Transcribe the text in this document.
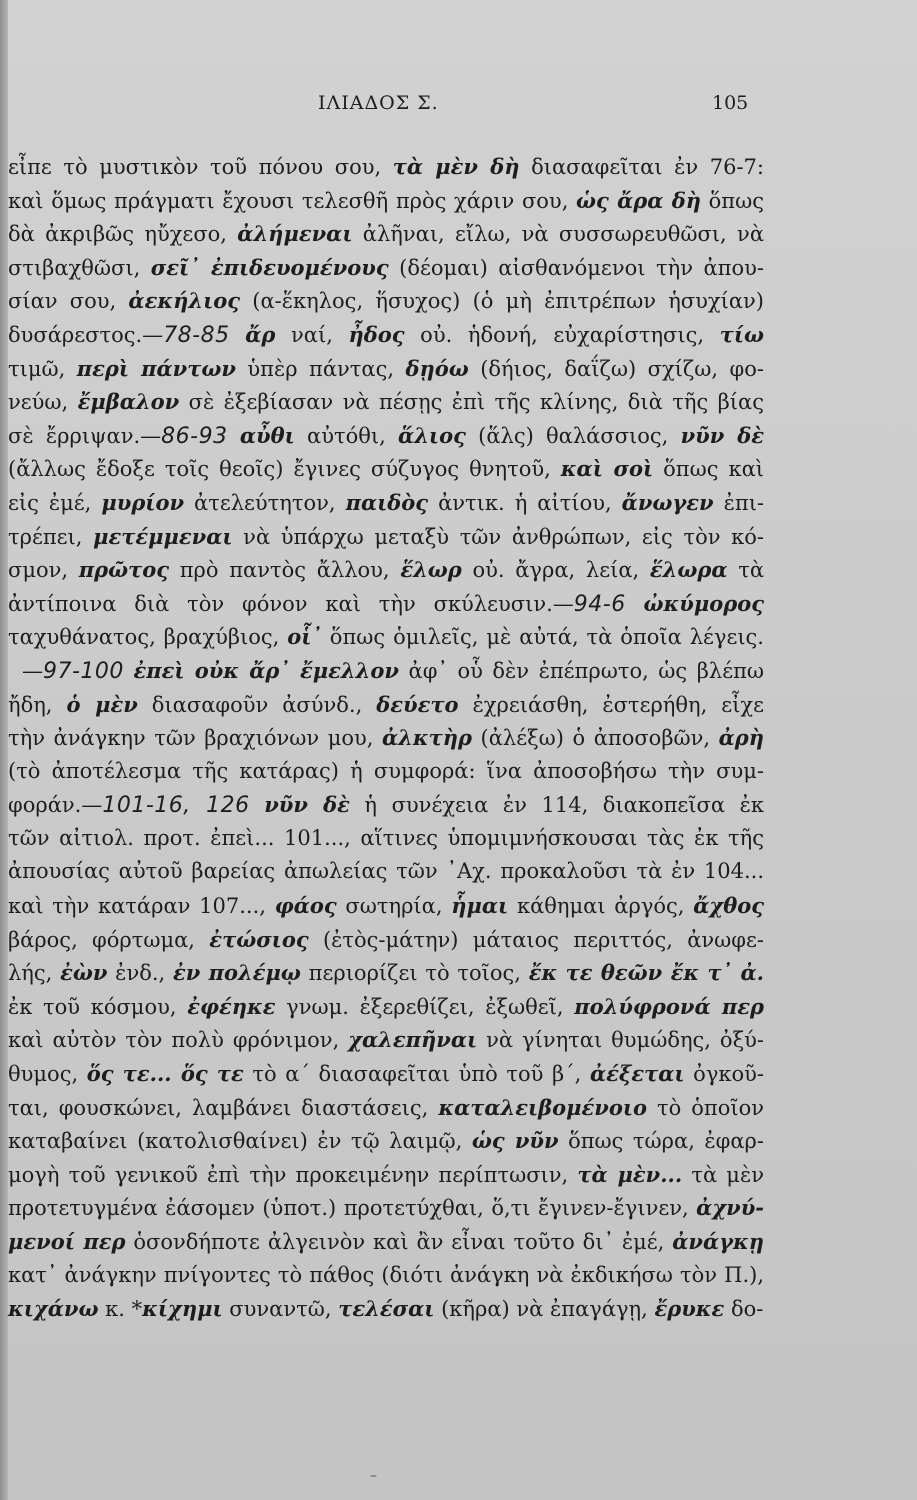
ΙΛΙΑΔΟΣ Σ.	105
εἶπε τὸ μυστικὸν τοῦ πόνου σου, τὰ μὲν δὴ διασαφεῖται ἐν 76-7:
καὶ ὅμως πράγματι ἔχουσι τελεσθῆ πρὸς χάριν σου, ὡς ἄρα δὴ ὅπως
δὰ ἀκριβῶς ηὔχεσο, ἀλήμεναι ἀλῆναι, εἴλω, νὰ συσσωρευθῶσι, νὰ
στιβαχθῶσι, σεῖ᾽ ἐπιδευομένους (δέομαι) αἰσθανόμενοι τὴν ἀπου-
σίαν σου, ἀεκήλιος (α-ἕκηλος, ἥσυχος) (ὁ μὴ ἐπιτρέπων ἡσυχίαν)
δυσάρεστος.—78-85 ἄρ ναί, ἦδος οὐ. ἡδονή, εὐχαρίστησις, τίω
τιμῶ, περὶ πάντων ὑπὲρ πάντας, δῃόω (δήιος, δαΐζω) σχίζω, φο-
νεύω, ἔμβαλον σὲ ἐξεβίασαν νὰ πέσῃς ἐπὶ τῆς κλίνης, διὰ τῆς βίας
σὲ ἔρριψαν.—86-93 αὖθι αὐτόθι, ἅλιος (ἅλς) θαλάσσιος, νῦν δὲ
(ἄλλως ἔδοξε τοῖς θεοῖς) ἔγινες σύζυγος θνητοῦ, καὶ σοὶ ὅπως καὶ
εἰς ἐμέ, μυρίον ἀτελεύτητον, παιδὸς ἀντικ. ἡ αἰτίου, ἄνωγεν ἐπι-
τρέπει, μετέμμεναι νὰ ὑπάρχω μεταξὺ τῶν ἀνθρώπων, εἰς τὸν κό-
σμον, πρῶτος πρὸ παντὸς ἄλλου, ἕλωρ οὐ. ἄγρα, λεία, ἕλωρα τὰ
ἀντίποινα διὰ τὸν φόνον καὶ τὴν σκύλευσιν.—94-6 ὠκύμορος
ταχυθάνατος, βραχύβιος, οἷ᾽ ὅπως ὁμιλεῖς, μὲ αὐτά, τὰ ὁποῖα λέγεις.
—97-100 ἐπεὶ οὐκ ἄρ᾽ ἔμελλον ἀφ᾽ οὗ δὲν ἐπέπρωτο, ὡς βλέπω
ἤδη, ὁ μὲν διασαφοῦν ἀσύνδ., δεύετο ἐχρειάσθη, ἐστερήθη, εἶχε
τὴν ἀνάγκην τῶν βραχιόνων μου, ἀλκτὴρ (ἀλέξω) ὁ ἀποσοβῶν, ἀρὴ
(τὸ ἀποτέλεσμα τῆς κατάρας) ἡ συμφορά: ἵνα ἀποσοβήσω τὴν συμ-
φοράν.—101-16, 126 νῦν δὲ ἡ συνέχεια ἐν 114, διακοπεῖσα ἐκ
τῶν αἰτιολ. προτ. ἐπεὶ... 101..., αἵτινες ὑπομιμνήσκουσαι τὰς ἐκ τῆς
ἀπουσίας αὐτοῦ βαρείας ἀπωλείας τῶν ᾽Αχ. προκαλοῦσι τὰ ἐν 104...
καὶ τὴν κατάραν 107..., φάος σωτηρία, ἧμαι κάθημαι ἀργός, ἄχθος
βάρος, φόρτωμα, ἐτώσιος (ἐτὸς-μάτην) μάταιος περιττός, ἀνωφε-
λής, ἐὼν ἐνδ., ἐν πολέμῳ περιορίζει τὸ τοῖος, ἔκ τε θεῶν ἔκ τ᾽ ἀ.
ἐκ τοῦ κόσμου, ἐφέηκε γνωμ. ἐξερεθίζει, ἐξωθεῖ, πολύφρονά περ
καὶ αὐτὸν τὸν πολὺ φρόνιμον, χαλεπῆναι νὰ γίνηται θυμώδης, ὀξύ-
θυμος, ὅς τε... ὅς τε τὸ α΄ διασαφεῖται ὑπὸ τοῦ β΄, ἀέξεται ὀγκοῦ-
ται, φουσκώνει, λαμβάνει διαστάσεις, καταλειβομένοιο τὸ ὁποῖον
καταβαίνει (κατολισθαίνει) ἐν τῷ λαιμῷ, ὡς νῦν ὅπως τώρα, ἐφαρ-
μογὴ τοῦ γενικοῦ ἐπὶ τὴν προκειμένην περίπτωσιν, τὰ μὲν... τὰ μὲν
προτετυγμένα ἐάσομεν (ὑποτ.) προτετύχθαι, ὅ,τι ἔγινεν-ἔγινεν, ἀχνύ-
μενοί περ ὁσονδήποτε ἀλγεινὸν καὶ ἂν εἶναι τοῦτο δι᾽ ἐμέ, ἀνάγκῃ
κατ᾽ ἀνάγκην πνίγοντες τὸ πάθος (διότι ἀνάγκη νὰ ἐκδικήσω τὸν Π.),
κιχάνω κ. *κίχημι συναντῶ, τελέσαι (κῆρα) νὰ ἐπαγάγῃ, ἔρυκε δο-
–
